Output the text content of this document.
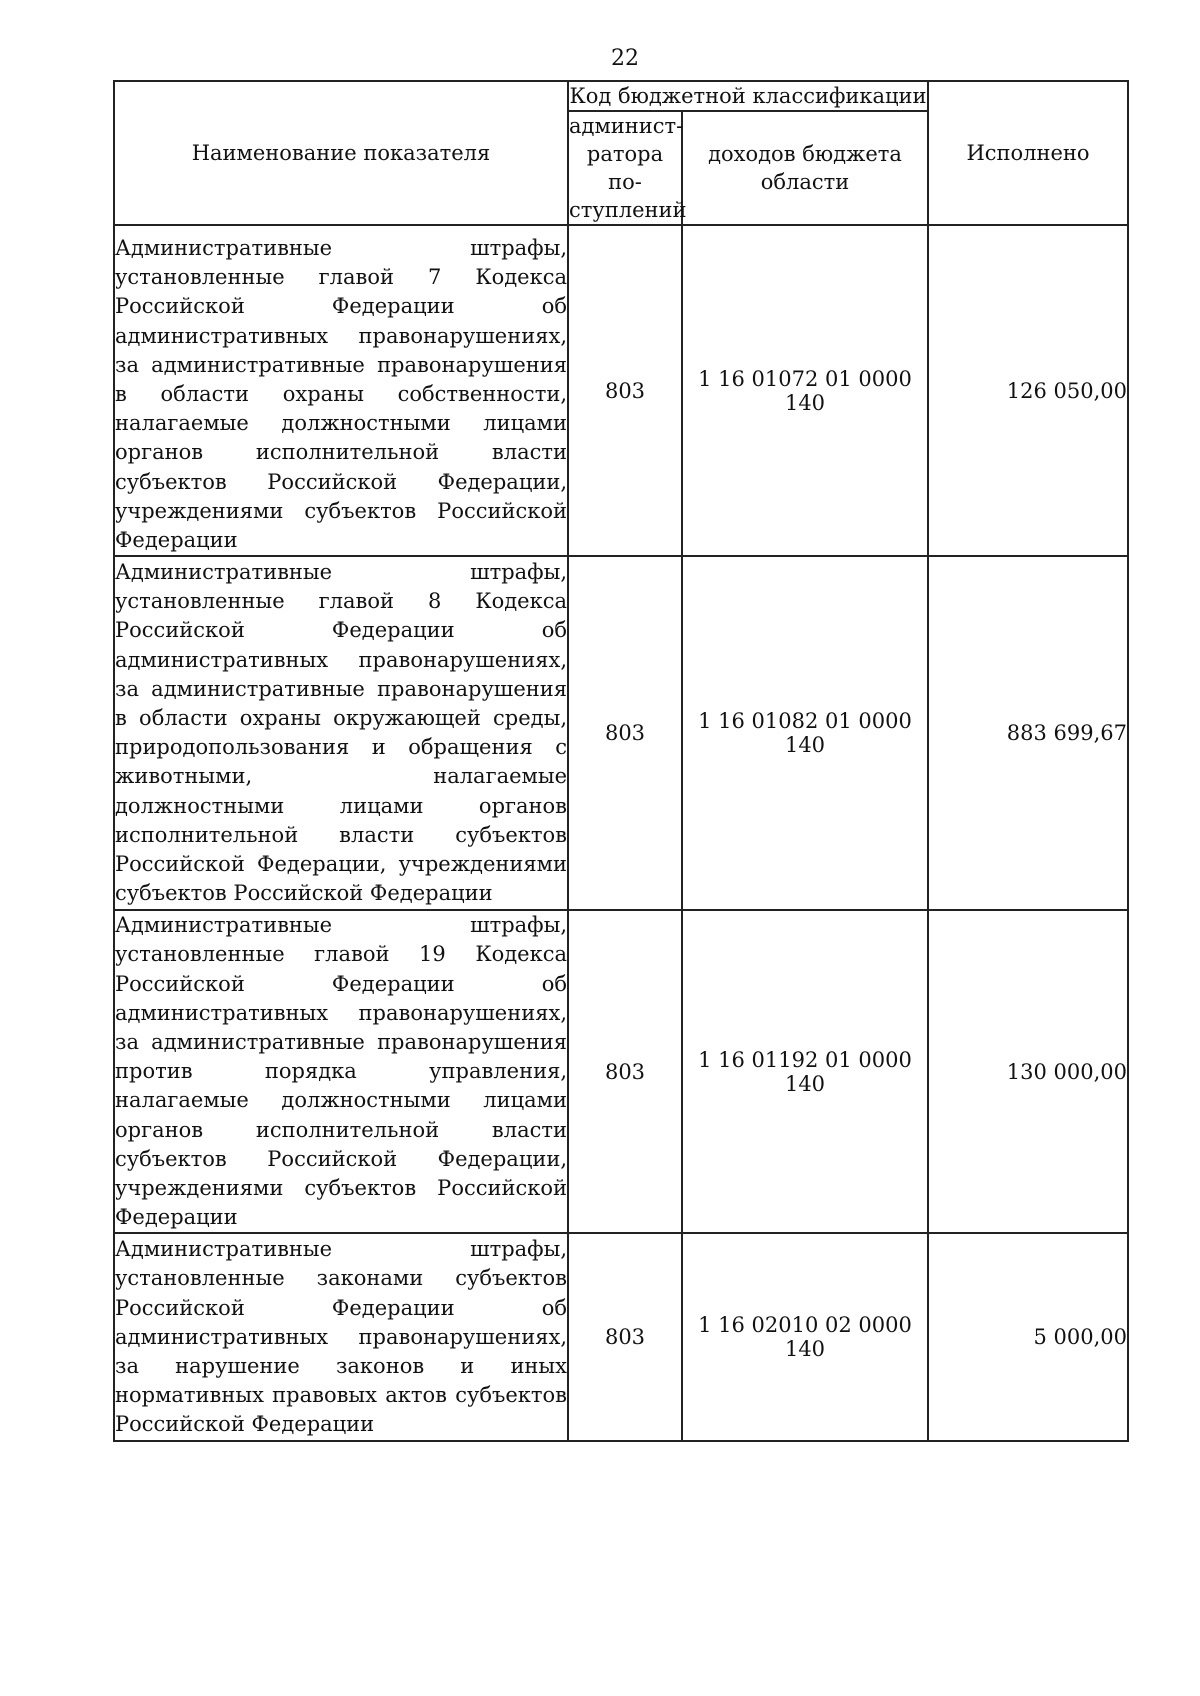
22
Наименование показателя	Код бюджетной классификации		Исполнено
	админист-ратора по-ступлений	доходов бюджета области	
Административные штрафы, установленные главой 7 Кодекса Российской Федерации об административных правонарушениях, за административные правонарушения в области охраны собственности, налагаемые должностными лицами органов исполнительной власти субъектов Российской Федерации, учреждениями субъектов Российской Федерации	803	1 16 01072 01 0000 140	126 050,00
Административные штрафы, установленные главой 8 Кодекса Российской Федерации об административных правонарушениях, за административные правонарушения в области охраны окружающей среды, природопользования и обращения с животными, налагаемые должностными лицами органов исполнительной власти субъектов Российской Федерации, учреждениями субъектов Российской Федерации	803	1 16 01082 01 0000 140	883 699,67
Административные штрафы, установленные главой 19 Кодекса Российской Федерации об административных правонарушениях, за административные правонарушения против порядка управления, налагаемые должностными лицами органов исполнительной власти субъектов Российской Федерации, учреждениями субъектов Российской Федерации	803	1 16 01192 01 0000 140	130 000,00
Административные штрафы, установленные законами субъектов Российской Федерации об административных правонарушениях, за нарушение законов и иных нормативных правовых актов субъектов Российской Федерации	803	1 16 02010 02 0000 140	5 000,00
